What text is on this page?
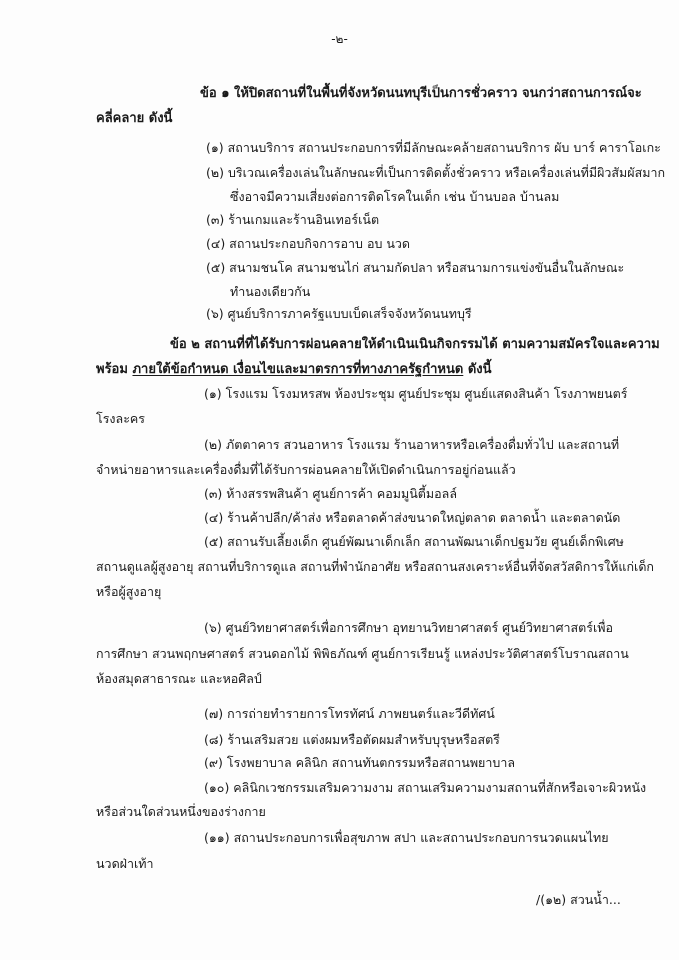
-๒-
ข้อ ๑ ให้ปิดสถานที่ในพื้นที่จังหวัดนนทบุรีเป็นการชั่วคราว จนกว่าสถานการณ์จะ
คลี่คลาย ดังนี้
(๑) สถานบริการ สถานประกอบการที่มีลักษณะคล้ายสถานบริการ ผับ บาร์ คาราโอเกะ
(๒) บริเวณเครื่องเล่นในลักษณะที่เป็นการติดตั้งชั่วคราว หรือเครื่องเล่นที่มีผิวสัมผัสมาก
ซึ่งอาจมีความเสี่ยงต่อการติดโรคในเด็ก เช่น บ้านบอล บ้านลม
(๓) ร้านเกมและร้านอินเทอร์เน็ต
(๔) สถานประกอบกิจการอาบ อบ นวด
(๕) สนามชนโค สนามชนไก่ สนามกัดปลา หรือสนามการแข่งขันอื่นในลักษณะ
ทำนองเดียวกัน
(๖) ศูนย์บริการภาครัฐแบบเบ็ดเสร็จจังหวัดนนทบุรี
ข้อ ๒ สถานที่ที่ได้รับการผ่อนคลายให้ดำเนินเนินกิจกรรมได้ ตามความสมัครใจและความ
พร้อม ภายใต้ข้อกำหนด เงื่อนไขและมาตรการที่ทางภาครัฐกำหนด ดังนี้
(๑) โรงแรม โรงมหรสพ ห้องประชุม ศูนย์ประชุม ศูนย์แสดงสินค้า โรงภาพยนตร์
โรงละคร
(๒) ภัตตาคาร สวนอาหาร โรงแรม ร้านอาหารหรือเครื่องดื่มทั่วไป และสถานที่
จำหน่ายอาหารและเครื่องดื่มที่ได้รับการผ่อนคลายให้เปิดดำเนินการอยู่ก่อนแล้ว
(๓) ห้างสรรพสินค้า ศูนย์การค้า คอมมูนิตี้มอลล์
(๔) ร้านค้าปลีก/ค้าส่ง หรือตลาดค้าส่งขนาดใหญ่ตลาด ตลาดน้ำ และตลาดนัด
(๕) สถานรับเลี้ยงเด็ก ศูนย์พัฒนาเด็กเล็ก สถานพัฒนาเด็กปฐมวัย ศูนย์เด็กพิเศษ
สถานดูแลผู้สูงอายุ สถานที่บริการดูแล สถานที่พำนักอาศัย หรือสถานสงเคราะห์อื่นที่จัดสวัสดิการให้แก่เด็ก
หรือผู้สูงอายุ
(๖) ศูนย์วิทยาศาสตร์เพื่อการศึกษา อุทยานวิทยาศาสตร์ ศูนย์วิทยาศาสตร์เพื่อ
การศึกษา สวนพฤกษศาสตร์ สวนดอกไม้ พิพิธภัณฑ์ ศูนย์การเรียนรู้ แหล่งประวัติศาสตร์โบราณสถาน
ห้องสมุดสาธารณะ และหอศิลป์
(๗) การถ่ายทำรายการโทรทัศน์ ภาพยนตร์และวีดีทัศน์
(๘) ร้านเสริมสวย แต่งผมหรือตัดผมสำหรับบุรุษหรือสตรี
(๙) โรงพยาบาล คลินิก สถานทันตกรรมหรือสถานพยาบาล
(๑๐) คลินิกเวชกรรมเสริมความงาม สถานเสริมความงามสถานที่สักหรือเจาะผิวหนัง
หรือส่วนใดส่วนหนึ่งของร่างกาย
(๑๑) สถานประกอบการเพื่อสุขภาพ สปา และสถานประกอบการนวดแผนไทย
นวดฝ่าเท้า
/(๑๒) สวนน้ำ...
